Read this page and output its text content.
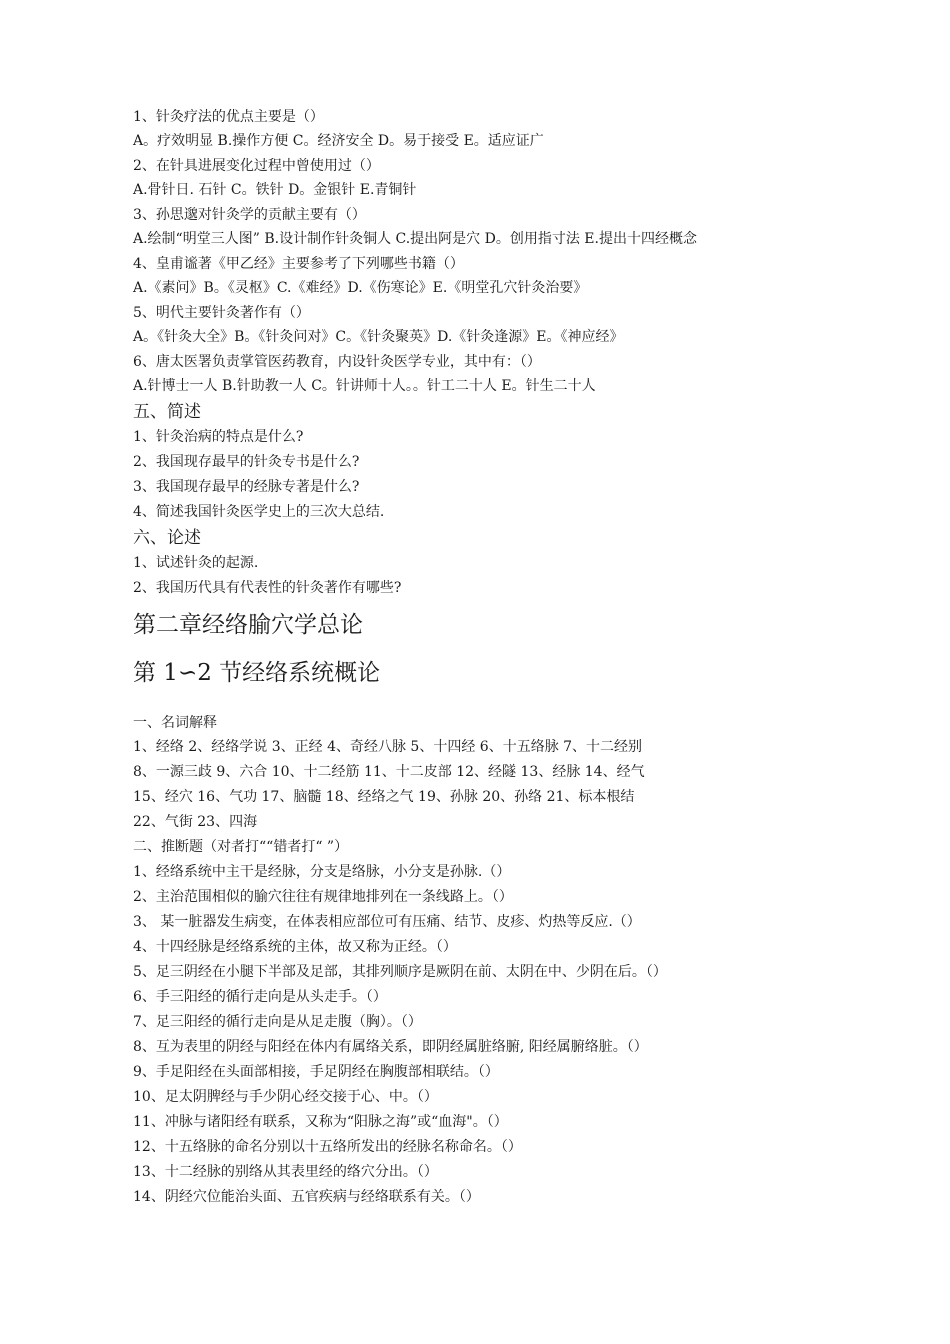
1、针灸疗法的优点主要是（）
A。疗效明显 B.操作方便 C。经济安全 D。易于接受 E。适应证广
2、在针具进展变化过程中曾使用过（）
A.骨针日. 石针 C。铁针 D。金银针 E.青铜针
3、孙思邈对针灸学的贡献主要有（）
A.绘制“明堂三人图” B.设计制作针灸铜人 C.提出阿是穴 D。创用指寸法 E.提出十四经概念
4、皇甫谧著《甲乙经》主要参考了下列哪些书籍（）
A.《素问》B。《灵枢》C.《难经》D.《伤寒论》E.《明堂孔穴针灸治要》
5、明代主要针灸著作有（）
A。《针灸大全》B。《针灸问对》C。《针灸聚英》D.《针灸逢源》E。《神应经》
6、唐太医署负责掌管医药教育，内设针灸医学专业，其中有：（）
A.针博士一人 B.针助教一人 C。针讲师十人。。针工二十人 E。针生二十人
五、简述
1、针灸治病的特点是什么?
2、我国现存最早的针灸专书是什么?
3、我国现存最早的经脉专著是什么?
4、简述我国针灸医学史上的三次大总结.
六、论述
1、试述针灸的起源.
2、我国历代具有代表性的针灸著作有哪些?
第二章经络腧穴学总论
第 1∽2 节经络系统概论
一、名词解释
1、经络 2、经络学说 3、正经 4、奇经八脉 5、十四经 6、十五络脉 7、十二经别
8、一源三歧 9、六合 10、十二经筋 11、十二皮部 12、经隧 13、经脉 14、经气
15、经穴 16、气功 17、脑髓 18、经络之气 19、孙脉 20、孙络 21、标本根结
22、气街 23、四海
二、推断题（对者打““错者打“ ”）
1、经络系统中主干是经脉，分支是络脉，小分支是孙脉.（）
2、主治范围相似的腧穴往往有规律地排列在一条线路上。（）
3、 某一脏器发生病变，在体表相应部位可有压痛、结节、皮疹、灼热等反应.（）
4、十四经脉是经络系统的主体，故又称为正经。（）
5、足三阴经在小腿下半部及足部，其排列顺序是厥阴在前、太阴在中、少阴在后。（）
6、手三阳经的循行走向是从头走手。（）
7、足三阳经的循行走向是从足走腹（胸）。（）
8、互为表里的阴经与阳经在体内有属络关系，即阴经属脏络腑, 阳经属腑络脏。（）
9、手足阳经在头面部相接，手足阴经在胸腹部相联结。（）
10、足太阴脾经与手少阴心经交接于心、中。（）
11、冲脉与诸阳经有联系，又称为“阳脉之海”或“血海"。（）
12、十五络脉的命名分别以十五络所发出的经脉名称命名。（）
13、十二经脉的别络从其表里经的络穴分出。（）
14、阴经穴位能治头面、五官疾病与经络联系有关。（）
